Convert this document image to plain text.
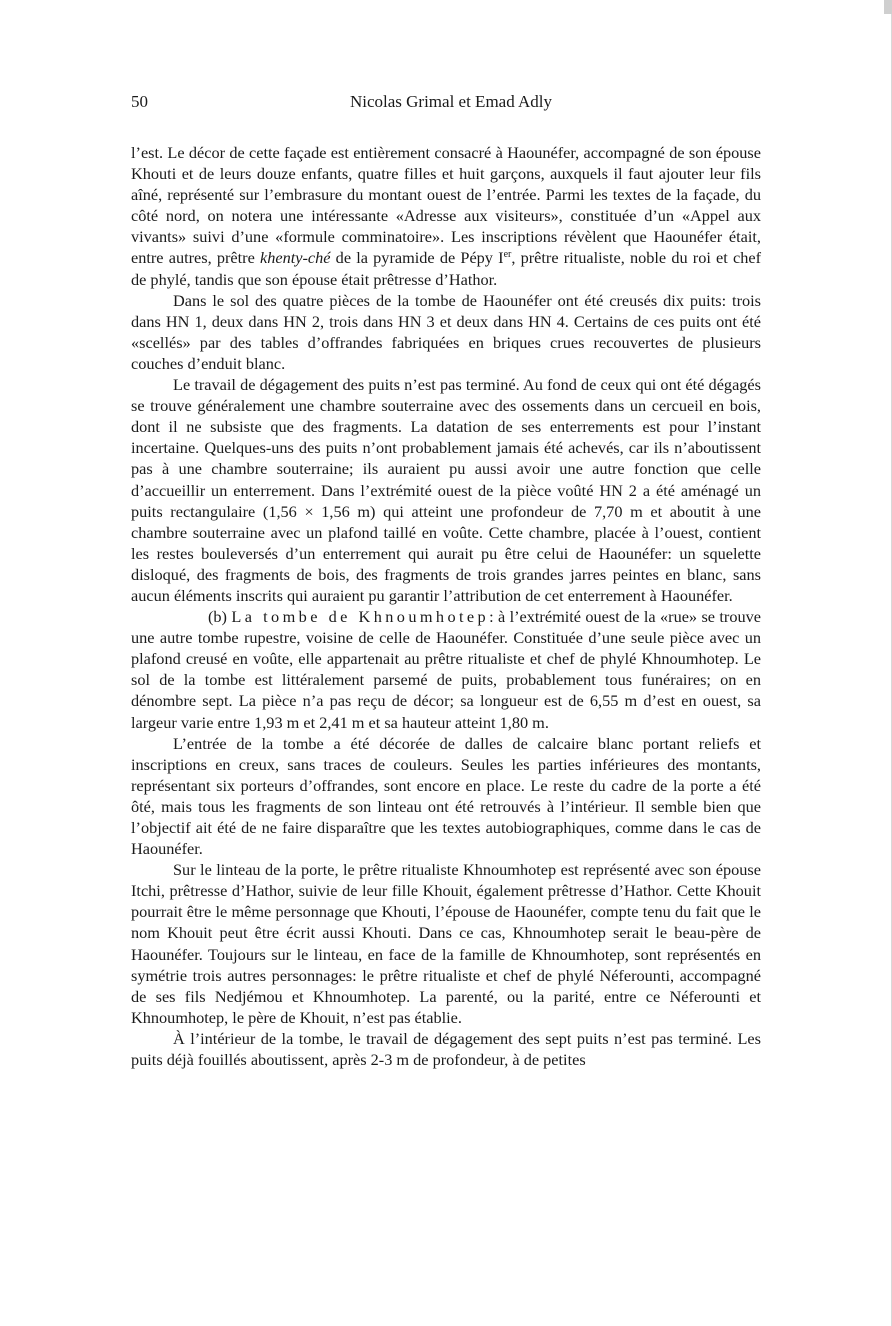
50	Nicolas Grimal et Emad Adly

l’est. Le décor de cette façade est entièrement consacré à Haounéfer, accompagné de son épouse Khouti et de leurs douze enfants, quatre filles et huit garçons, auxquels il faut ajouter leur fils aîné, représenté sur l’embrasure du montant ouest de l’entrée. Parmi les textes de la façade, du côté nord, on notera une intéressante «Adresse aux visiteurs», constituée d’un «Appel aux vivants» suivi d’une «formule comminatoire». Les inscriptions révèlent que Haounéfer était, entre autres, prêtre khenty-ché de la pyramide de Pépy Ier, prêtre ritualiste, noble du roi et chef de phylé, tandis que son épouse était prêtresse d’Hathor.

Dans le sol des quatre pièces de la tombe de Haounéfer ont été creusés dix puits: trois dans HN 1, deux dans HN 2, trois dans HN 3 et deux dans HN 4. Certains de ces puits ont été «scellés» par des tables d’offrandes fabriquées en briques crues recouvertes de plusieurs couches d’enduit blanc.

Le travail de dégagement des puits n’est pas terminé. Au fond de ceux qui ont été dégagés se trouve généralement une chambre souterraine avec des ossements dans un cercueil en bois, dont il ne subsiste que des fragments. La datation de ses enterrements est pour l’instant incertaine. Quelques-uns des puits n’ont probablement jamais été achevés, car ils n’aboutissent pas à une chambre souterraine; ils auraient pu aussi avoir une autre fonction que celle d’accueillir un enterrement. Dans l’extrémité ouest de la pièce voûté HN 2 a été aménagé un puits rectangulaire (1,56 × 1,56 m) qui atteint une profondeur de 7,70 m et aboutit à une chambre souterraine avec un plafond taillé en voûte. Cette chambre, placée à l’ouest, contient les restes bouleversés d’un enterrement qui aurait pu être celui de Haounéfer: un squelette disloqué, des fragments de bois, des fragments de trois grandes jarres peintes en blanc, sans aucun éléments inscrits qui auraient pu garantir l’attribution de cet enterrement à Haounéfer.

(b) La tombe de Khnoumhotep: à l’extrémité ouest de la «rue» se trouve une autre tombe rupestre, voisine de celle de Haounéfer. Constituée d’une seule pièce avec un plafond creusé en voûte, elle appartenait au prêtre ritualiste et chef de phylé Khnoumhotep. Le sol de la tombe est littéralement parsemé de puits, probablement tous funéraires; on en dénombre sept. La pièce n’a pas reçu de décor; sa longueur est de 6,55 m d’est en ouest, sa largeur varie entre 1,93 m et 2,41 m et sa hauteur atteint 1,80 m.

L’entrée de la tombe a été décorée de dalles de calcaire blanc portant reliefs et inscriptions en creux, sans traces de couleurs. Seules les parties inférieures des montants, représentant six porteurs d’offrandes, sont encore en place. Le reste du cadre de la porte a été ôté, mais tous les fragments de son linteau ont été retrouvés à l’intérieur. Il semble bien que l’objectif ait été de ne faire disparaître que les textes autobiographiques, comme dans le cas de Haounéfer.

Sur le linteau de la porte, le prêtre ritualiste Khnoumhotep est représenté avec son épouse Itchi, prêtresse d’Hathor, suivie de leur fille Khouit, également prêtresse d’Hathor. Cette Khouit pourrait être le même personnage que Khouti, l’épouse de Haounéfer, compte tenu du fait que le nom Khouit peut être écrit aussi Khouti. Dans ce cas, Khnoumhotep serait le beau-père de Haounéfer. Toujours sur le linteau, en face de la famille de Khnoumhotep, sont représentés en symétrie trois autres personnages: le prêtre ritualiste et chef de phylé Néferounti, accompagné de ses fils Nedjémou et Khnoumhotep. La parenté, ou la parité, entre ce Néferounti et Khnoumhotep, le père de Khouit, n’est pas établie.

À l’intérieur de la tombe, le travail de dégagement des sept puits n’est pas terminé. Les puits déjà fouillés aboutissent, après 2-3 m de profondeur, à de petites
